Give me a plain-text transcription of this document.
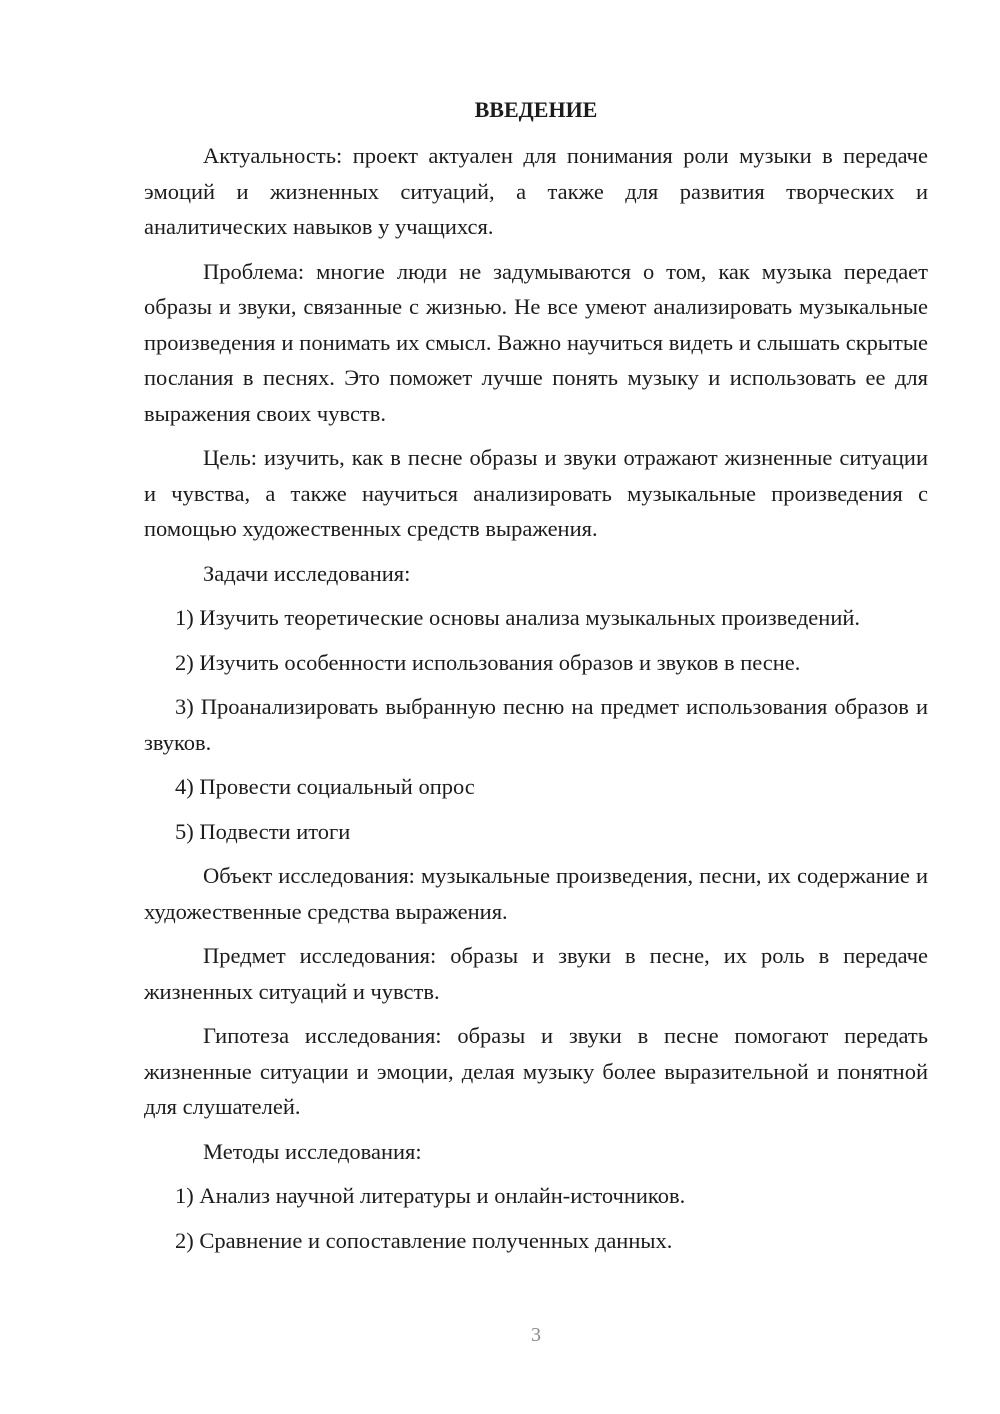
ВВЕДЕНИЕ

Актуальность: проект актуален для понимания роли музыки в передаче эмоций и жизненных ситуаций, а также для развития творческих и аналитических навыков у учащихся.

Проблема: многие люди не задумываются о том, как музыка передает образы и звуки, связанные с жизнью. Не все умеют анализировать музыкальные произведения и понимать их смысл. Важно научиться видеть и слышать скрытые послания в песнях. Это поможет лучше понять музыку и использовать ее для выражения своих чувств.

Цель: изучить, как в песне образы и звуки отражают жизненные ситуации и чувства, а также научиться анализировать музыкальные произведения с помощью художественных средств выражения.

Задачи исследования:

1) Изучить теоретические основы анализа музыкальных произведений.

2) Изучить особенности использования образов и звуков в песне.

3) Проанализировать выбранную песню на предмет использования образов и звуков.

4) Провести социальный опрос

5) Подвести итоги

Объект исследования: музыкальные произведения, песни, их содержание и художественные средства выражения.

Предмет исследования: образы и звуки в песне, их роль в передаче жизненных ситуаций и чувств.

Гипотеза исследования: образы и звуки в песне помогают передать жизненные ситуации и эмоции, делая музыку более выразительной и понятной для слушателей.

Методы исследования:

1) Анализ научной литературы и онлайн-источников.

2) Сравнение и сопоставление полученных данных.

3
